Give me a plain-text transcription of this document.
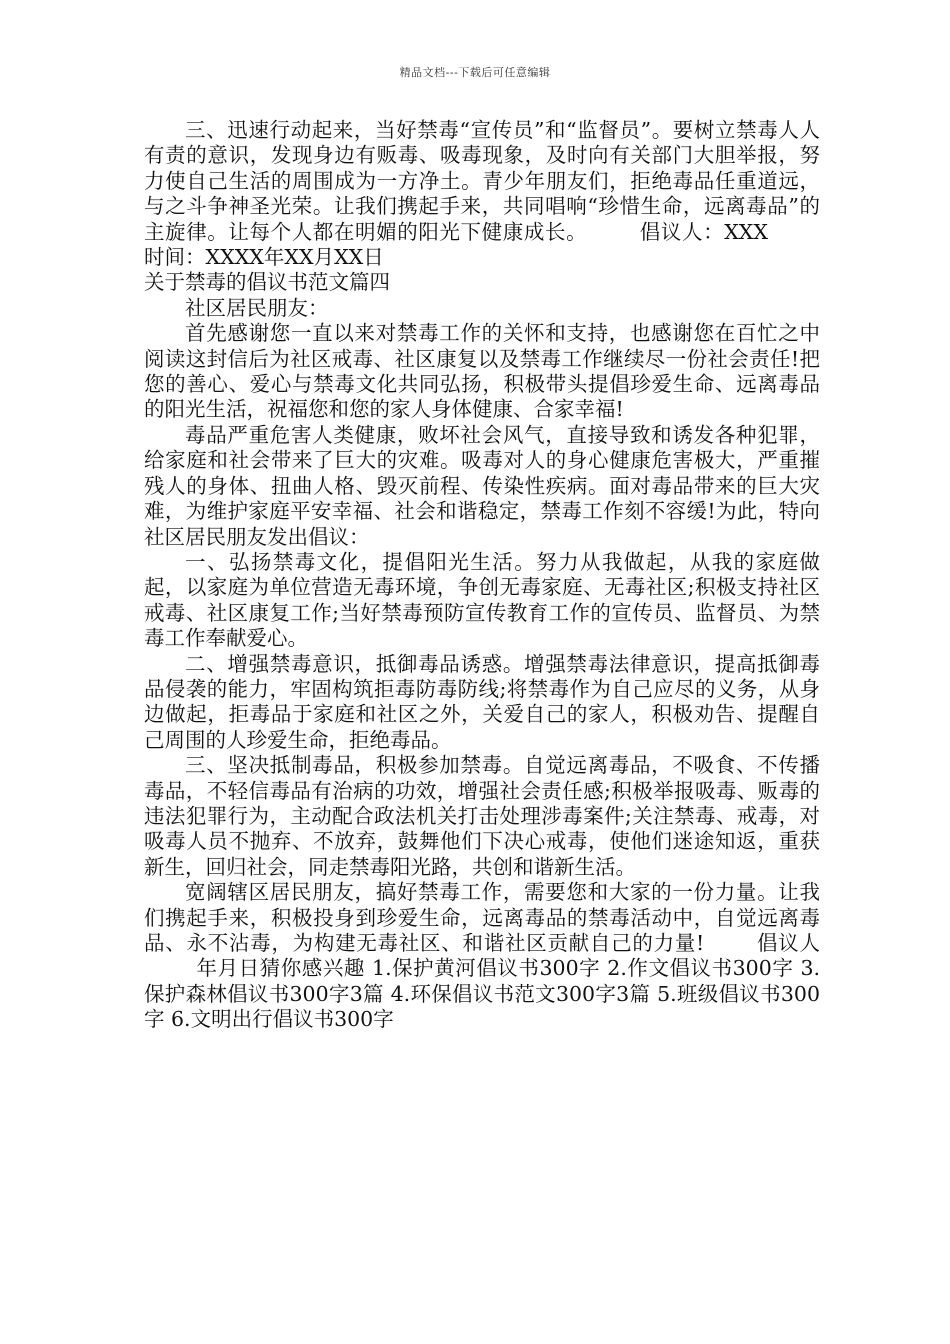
精品文档---下载后可任意编辑

三、迅速行动起来，当好禁毒“宣传员”和“监督员”。要树立禁毒人人有责的意识，发现身边有贩毒、吸毒现象，及时向有关部门大胆举报，努力使自己生活的周围成为一方净土。青少年朋友们，拒绝毒品任重道远，与之斗争神圣光荣。让我们携起手来，共同唱响“珍惜生命，远离毒品”的主旋律。让每个人都在明媚的阳光下健康成长。	倡议人：XXX时间：XXXX年XX月XX日

关于禁毒的倡议书范文篇四

社区居民朋友：

首先感谢您一直以来对禁毒工作的关怀和支持，也感谢您在百忙之中阅读这封信后为社区戒毒、社区康复以及禁毒工作继续尽一份社会责任!把您的善心、爱心与禁毒文化共同弘扬，积极带头提倡珍爱生命、远离毒品的阳光生活，祝福您和您的家人身体健康、合家幸福!

毒品严重危害人类健康，败坏社会风气，直接导致和诱发各种犯罪，给家庭和社会带来了巨大的灾难。吸毒对人的身心健康危害极大，严重摧残人的身体、扭曲人格、毁灭前程、传染性疾病。面对毒品带来的巨大灾难，为维护家庭平安幸福、社会和谐稳定，禁毒工作刻不容缓!为此，特向社区居民朋友发出倡议：

一、弘扬禁毒文化，提倡阳光生活。努力从我做起，从我的家庭做起，以家庭为单位营造无毒环境，争创无毒家庭、无毒社区;积极支持社区戒毒、社区康复工作;当好禁毒预防宣传教育工作的宣传员、监督员、为禁毒工作奉献爱心。

二、增强禁毒意识，抵御毒品诱惑。增强禁毒法律意识，提高抵御毒品侵袭的能力，牢固构筑拒毒防毒防线;将禁毒作为自己应尽的义务，从身边做起，拒毒品于家庭和社区之外，关爱自己的家人，积极劝告、提醒自己周围的人珍爱生命，拒绝毒品。

三、坚决抵制毒品，积极参加禁毒。自觉远离毒品，不吸食、不传播毒品，不轻信毒品有治病的功效，增强社会责任感;积极举报吸毒、贩毒的违法犯罪行为，主动配合政法机关打击处理涉毒案件;关注禁毒、戒毒，对吸毒人员不抛弃、不放弃，鼓舞他们下决心戒毒，使他们迷途知返，重获新生，回归社会，同走禁毒阳光路，共创和谐新生活。

宽阔辖区居民朋友，搞好禁毒工作，需要您和大家的一份力量。让我们携起手来，积极投身到珍爱生命，远离毒品的禁毒活动中，自觉远离毒品、永不沾毒，为构建无毒社区、和谐社区贡献自己的力量!	倡议人年月日猜你感兴趣 1.保护黄河倡议书300字 2.作文倡议书300字 3.保护森林倡议书300字3篇 4.环保倡议书范文300字3篇 5.班级倡议书300字 6.文明出行倡议书300字
